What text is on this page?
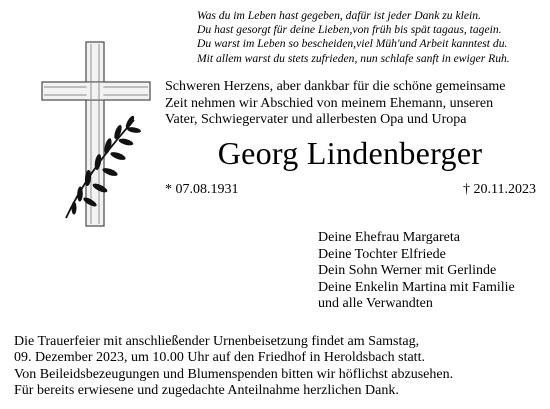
Was du im Leben hast gegeben, dafür ist jeder Dank zu klein.
Du hast gesorgt für deine Lieben,von früh bis spät tagaus, tagein.
Du warst im Leben so bescheiden,viel Müh'und Arbeit kanntest du.
Mit allem warst du stets zufrieden, nun schlafe sanft in ewiger Ruh.
Schweren Herzens, aber dankbar für die schöne gemeinsame
Zeit nehmen wir Abschied von meinem Ehemann, unseren
Vater, Schwiegervater und allerbesten Opa und Uropa
Georg Lindenberger
* 07.08.1931	† 20.11.2023
Deine Ehefrau Margareta
Deine Tochter Elfriede
Dein Sohn Werner mit Gerlinde
Deine Enkelin Martina mit Familie
und alle Verwandten
Die Trauerfeier mit anschließender Urnenbeisetzung findet am Samstag,
09. Dezember 2023, um 10.00 Uhr auf den Friedhof in Heroldsbach statt.
Von Beileidsbezeugungen und Blumenspenden bitten wir höflichst abzusehen.
Für bereits erwiesene und zugedachte Anteilnahme herzlichen Dank.
